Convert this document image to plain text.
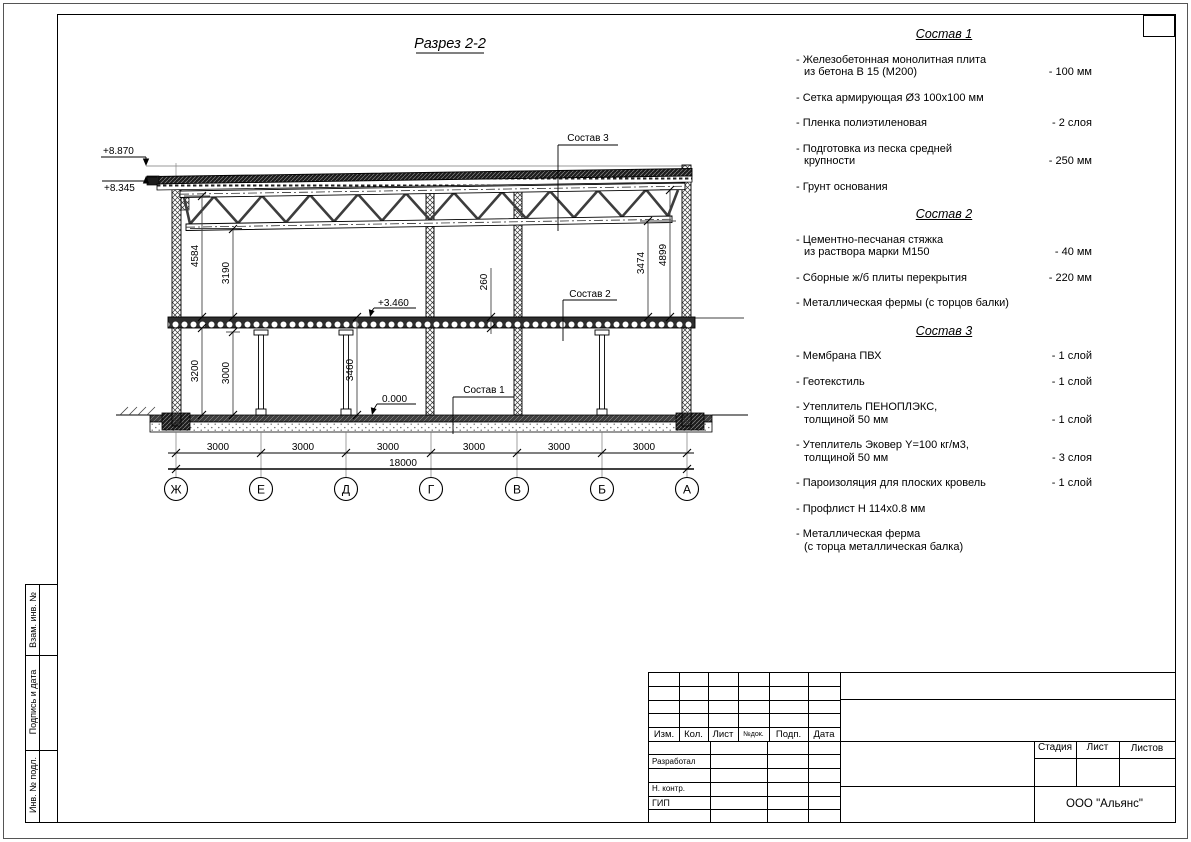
Взам. инв. №
Подпись и дата
Инв. № подл.
Изм.	Кол.	Лист	№док.	Подп.	Дата
Разработал
Н. контр.
ГИП
Стадия	Лист	Листов
ООО "Альянс"
Состав 1
- Железобетонная монолитная плита
из бетона В 15 (М200)	- 100 мм
- Сетка армирующая Ø3 100х100 мм
- Пленка полиэтиленовая	- 2 слоя
- Подготовка из песка средней
крупности	- 250 мм
- Грунт основания
Состав 2
- Цементно-песчаная стяжка
из раствора марки М150	- 40 мм
- Сборные ж/б плиты перекрытия	- 220 мм
- Металлическая фермы (с торцов балки)
Состав 3
- Мембрана ПВХ	- 1 слой
- Геотекстиль	- 1 слой
- Утеплитель ПЕНОПЛЭКС,
толщиной 50 мм	- 1 слой
- Утеплитель Эковер Y=100 кг/м3,
толщиной 50 мм	- 3 слоя
- Пароизоляция для плоских кровель	- 1 слой
- Профлист Н 114х0.8 мм
- Металлическая ферма
(с торца металлическая балка)
Разрез 2-2
+8.870
+8.345
+3.460
0.000
Состав 3
Состав 2
Состав 1
4584
3190	3474 4899
260
3200 3000	3460
3000	3000	3000	3000	3000	3000
18000
Ж	Е	Д	Г	В	Б	А
